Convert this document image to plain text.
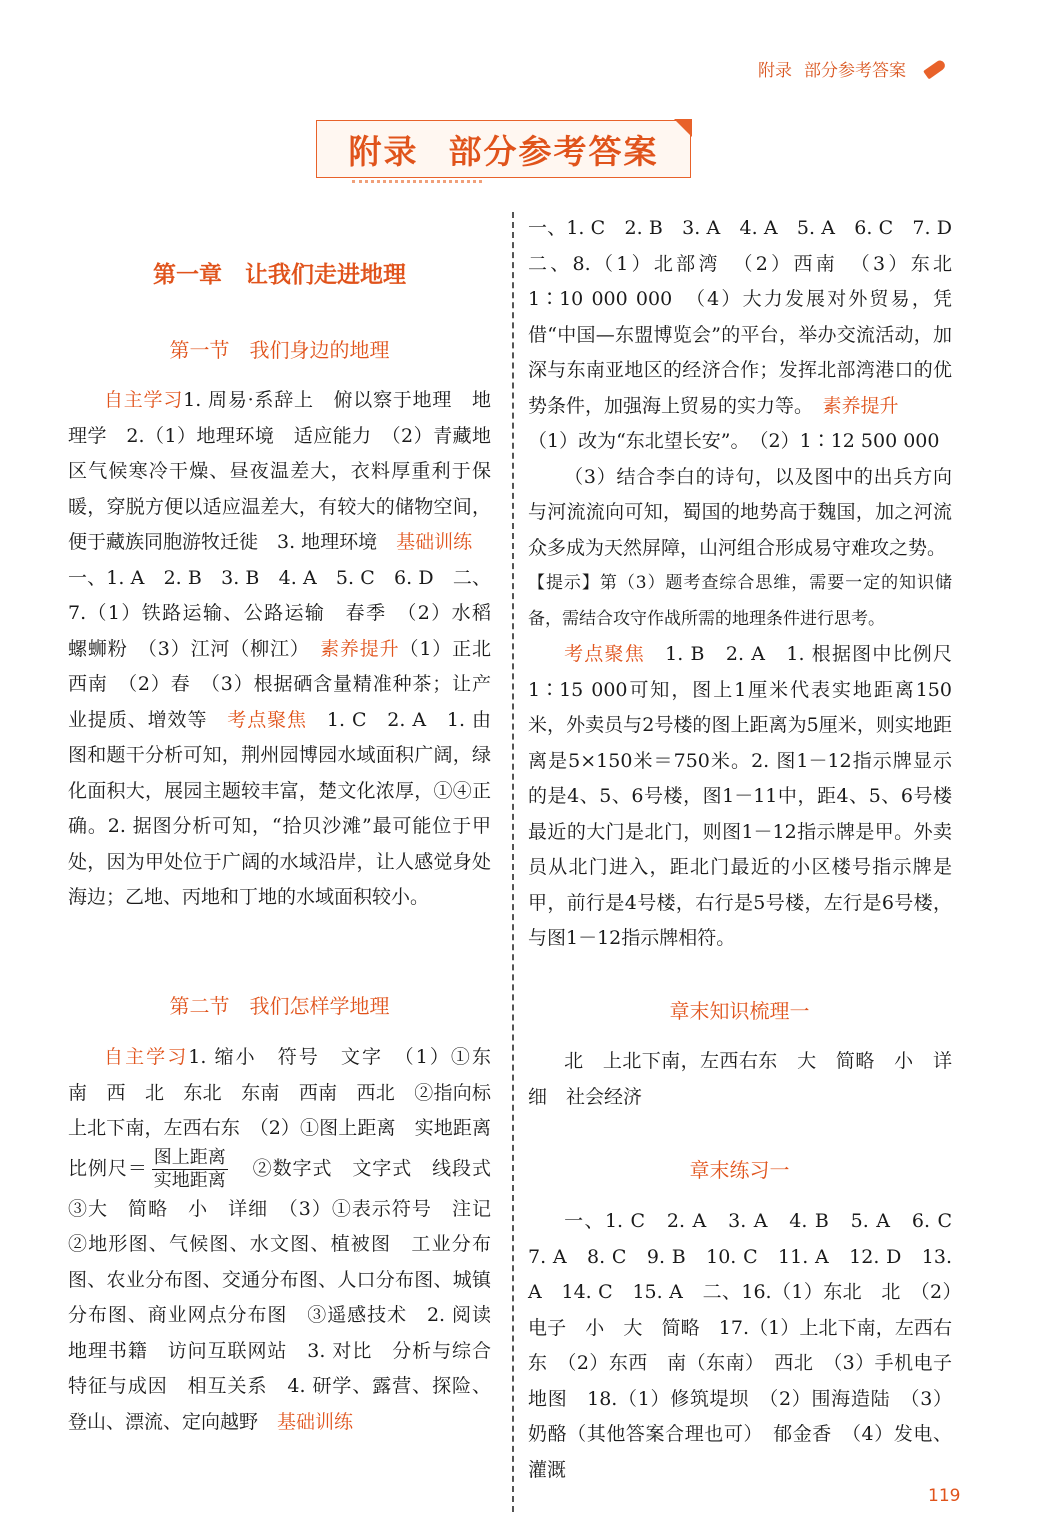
附录 部分参考答案
附录 部分参考答案
第一章　让我们走进地理
第一节　我们身边的地理
自主学习1. 周易·系辞上　俯以察于地理　地理学　2.（1）地理环境　适应能力　（2）青藏地区气候寒冷干燥、昼夜温差大，衣料厚重利于保暖，穿脱方便以适应温差大，有较大的储物空间，便于藏族同胞游牧迁徙　3. 地理环境　基础训练　一、1. A　2. B　3. B　4. A　5. C　6. D　二、7.（1）铁路运输、公路运输　春季　（2）水稻　螺蛳粉　（3）江河（柳江）　素养提升（1）正北　西南　（2）春　（3）根据硒含量精准种茶；让产业提质、增效等　考点聚焦　1. C　2. A　1. 由图和题干分析可知，荆州园博园水域面积广阔，绿化面积大，展园主题较丰富，楚文化浓厚，①④正确。2. 据图分析可知，“拾贝沙滩”最可能位于甲处，因为甲处位于广阔的水域沿岸，让人感觉身处海边；乙地、丙地和丁地的水域面积较小。
第二节　我们怎样学地理
自主学习1. 缩小　符号　文字　（1）①东　南　西　北　东北　东南　西南　西北　②指向标　上北下南，左西右东　（2）①图上距离　实地距离　比例尺＝ $\frac{\text{图上距离}}{\text{实地距离}}$ 　②数字式　文字式　线段式　③大　简略　小　详细　（3）①表示符号　注记　②地形图、气候图、水文图、植被图　工业分布图、农业分布图、交通分布图、人口分布图、城镇分布图、商业网点分布图　③遥感技术　2. 阅读地理书籍　访问互联网站　3. 对比　分析与综合　特征与成因　相互关系　4. 研学、露营、探险、登山、漂流、定向越野　基础训练
一、1. C　2. B　3. A　4. A　5. A　6. C　7. D　二、8.（1）北部湾　（2）西南　（3）东北　1∶10 000 000　（4）大力发展对外贸易，凭借“中国—东盟博览会”的平台，举办交流活动，加深与东南亚地区的经济合作；发挥北部湾港口的优势条件，加强海上贸易的实力等。　素养提升
（1）改为“东北望长安”。　（2）1∶12 500 000
（3）结合李白的诗句，以及图中的出兵方向与河流流向可知，蜀国的地势高于魏国，加之河流众多成为天然屏障，山河组合形成易守难攻之势。
【提示】第（3）题考查综合思维，需要一定的知识储备，需结合攻守作战所需的地理条件进行思考。
考点聚焦　1. B　2. A　1. 根据图中比例尺1∶15 000可知，图上1厘米代表实地距离150米，外卖员与2号楼的图上距离为5厘米，则实地距离是5×150米＝750米。2. 图1－12指示牌显示的是4、5、6号楼，图1－11中，距4、5、6号楼最近的大门是北门，则图1－12指示牌是甲。外卖员从北门进入，距北门最近的小区楼号指示牌是甲，前行是4号楼，右行是5号楼，左行是6号楼，与图1－12指示牌相符。
章末知识梳理一
北　上北下南，左西右东　大　简略　小　详细　社会经济
章末练习一
一、1. C　2. A　3. A　4. B　5. A　6. C　7. A　8. C　9. B　10. C　11. A　12. D　13. A　14. C　15. A　二、16.（1）东北　北　（2）电子　小　大　简略　17.（1）上北下南，左西右东　（2）东西　南（东南）　西北　（3）手机电子地图　18.（1）修筑堤坝　（2）围海造陆　（3）奶酪（其他答案合理也可）　郁金香　（4）发电、灌溉
119
